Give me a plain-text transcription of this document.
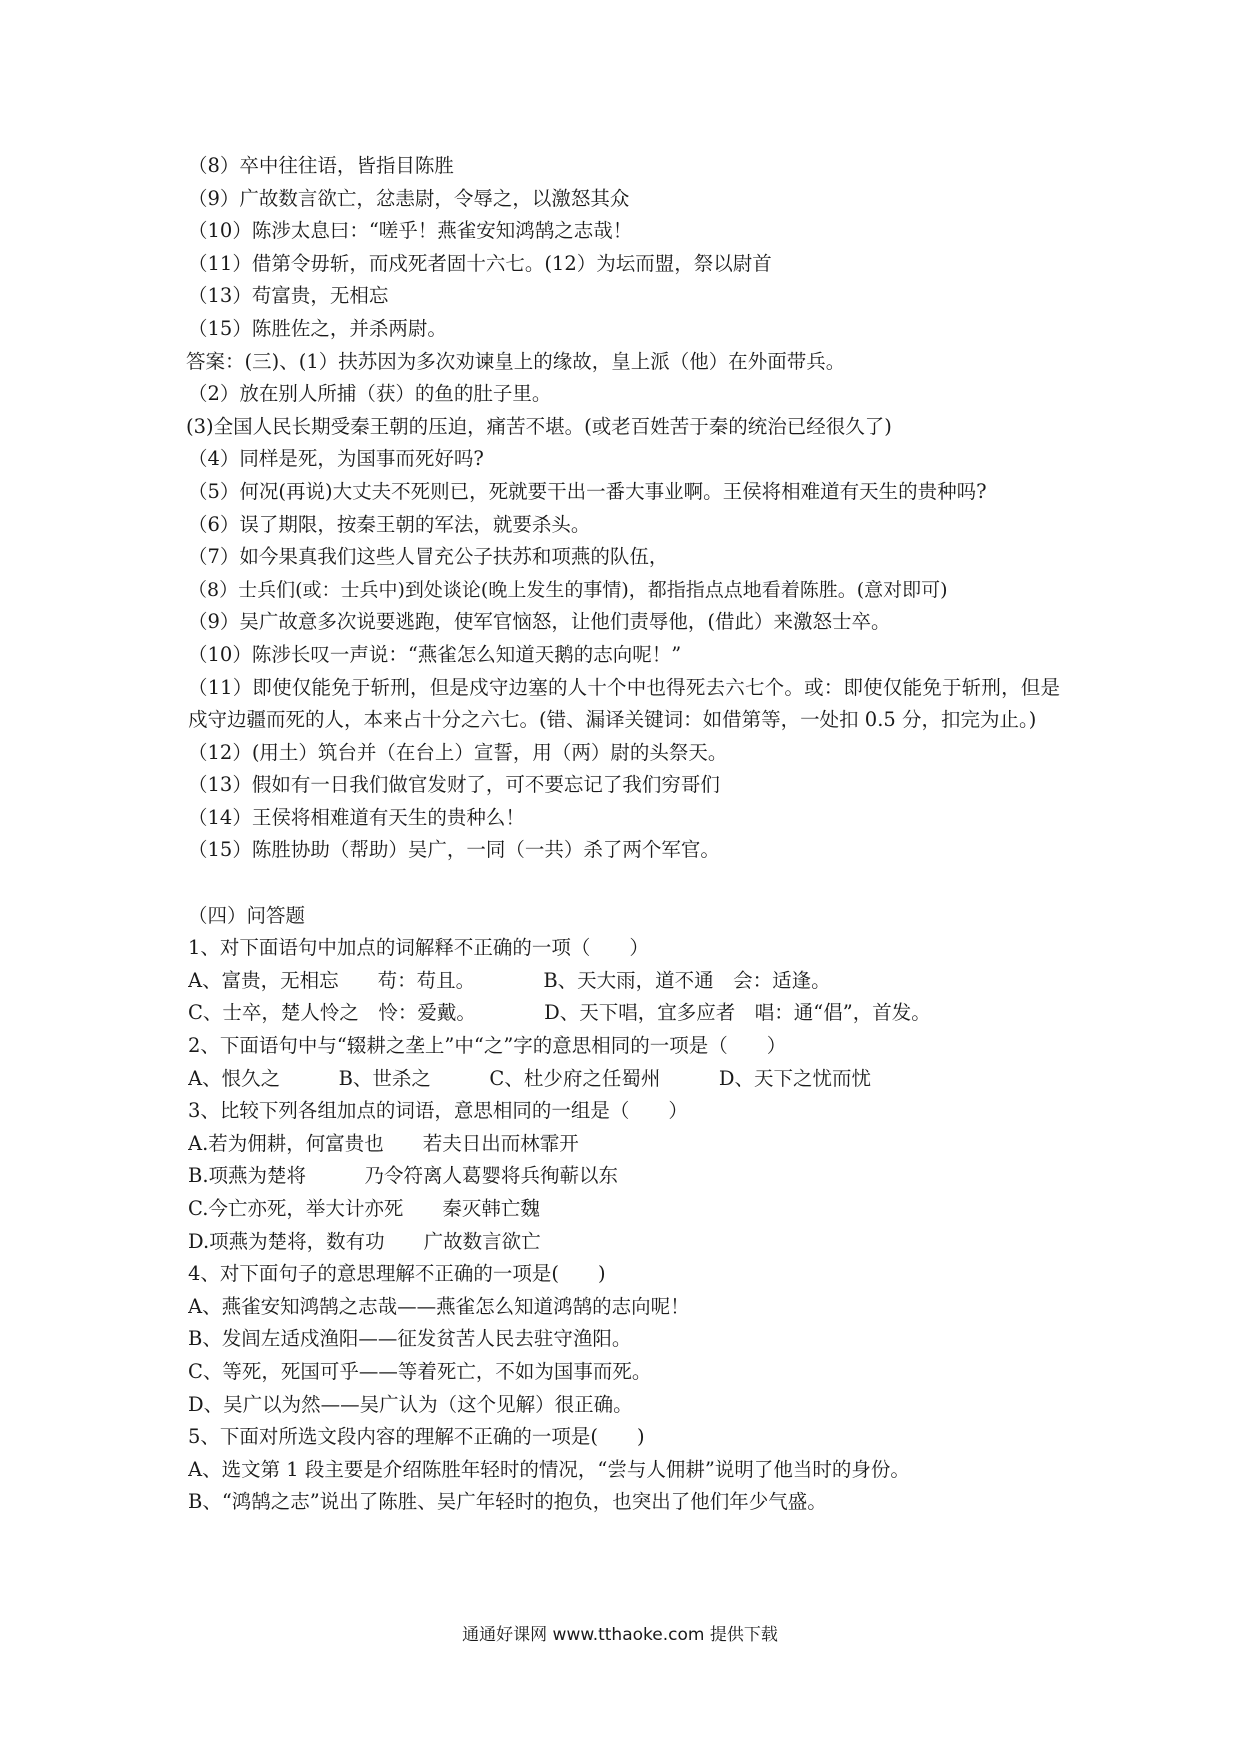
（8）卒中往往语，皆指目陈胜
（9）广故数言欲亡，忿恚尉，令辱之，以激怒其众
（10）陈涉太息曰：“嗟乎！燕雀安知鸿鹄之志哉！
（11）借第令毋斩，而戍死者固十六七。(12）为坛而盟，祭以尉首
（13）苟富贵，无相忘
（15）陈胜佐之，并杀两尉。
答案：(三)、(1）扶苏因为多次劝谏皇上的缘故，皇上派（他）在外面带兵。
（2）放在别人所捕（获）的鱼的肚子里。
(3)全国人民长期受秦王朝的压迫，痛苦不堪。(或老百姓苦于秦的统治已经很久了)
（4）同样是死，为国事而死好吗?
（5）何况(再说)大丈夫不死则已，死就要干出一番大事业啊。王侯将相难道有天生的贵种吗?
（6）误了期限，按秦王朝的军法，就要杀头。
（7）如今果真我们这些人冒充公子扶苏和项燕的队伍，
（8）士兵们(或：士兵中)到处谈论(晚上发生的事情)，都指指点点地看着陈胜。(意对即可)
（9）吴广故意多次说要逃跑，使军官恼怒，让他们责辱他，(借此）来激怒士卒。
（10）陈涉长叹一声说：“燕雀怎么知道天鹅的志向呢！”
（11）即使仅能免于斩刑，但是戍守边塞的人十个中也得死去六七个。或：即使仅能免于斩刑，但是戍守边疆而死的人，本来占十分之六七。(错、漏译关键词：如借第等，一处扣 0.5 分，扣完为止。)
（12）(用土）筑台并（在台上）宣誓，用（两）尉的头祭天。
（13）假如有一日我们做官发财了，可不要忘记了我们穷哥们
（14）王侯将相难道有天生的贵种么！
（15）陈胜协助（帮助）吴广，一同（一共）杀了两个军官。
（四）问答题
1、对下面语句中加点的词解释不正确的一项（　　）
A、富贵，无相忘　　苟：苟且。　　　　B、天大雨，道不通　会：适逢。
C、士卒，楚人怜之　怜：爱戴。　　　　D、天下唱，宜多应者　唱：通“倡”，首发。
2、下面语句中与“辍耕之垄上”中“之”字的意思相同的一项是（　　）
A、恨久之　　　B、世杀之　　　C、杜少府之任蜀州　　　D、天下之忧而忧
3、比较下列各组加点的词语，意思相同的一组是（　　）
A.若为佣耕，何富贵也　　若夫日出而林霏开
B.项燕为楚将　　　乃令符离人葛婴将兵徇蕲以东
C.今亡亦死，举大计亦死　　秦灭韩亡魏
D.项燕为楚将，数有功　　广故数言欲亡
4、对下面句子的意思理解不正确的一项是(　　)
A、燕雀安知鸿鹄之志哉——燕雀怎么知道鸿鹄的志向呢！
B、发闾左适戍渔阳——征发贫苦人民去驻守渔阳。
C、等死，死国可乎——等着死亡，不如为国事而死。
D、吴广以为然——吴广认为（这个见解）很正确。
5、下面对所选文段内容的理解不正确的一项是(　　)
A、选文第 1 段主要是介绍陈胜年轻时的情况，“尝与人佣耕”说明了他当时的身份。
B、“鸿鹄之志”说出了陈胜、吴广年轻时的抱负，也突出了他们年少气盛。
通通好课网 www.tthaoke.com 提供下载
